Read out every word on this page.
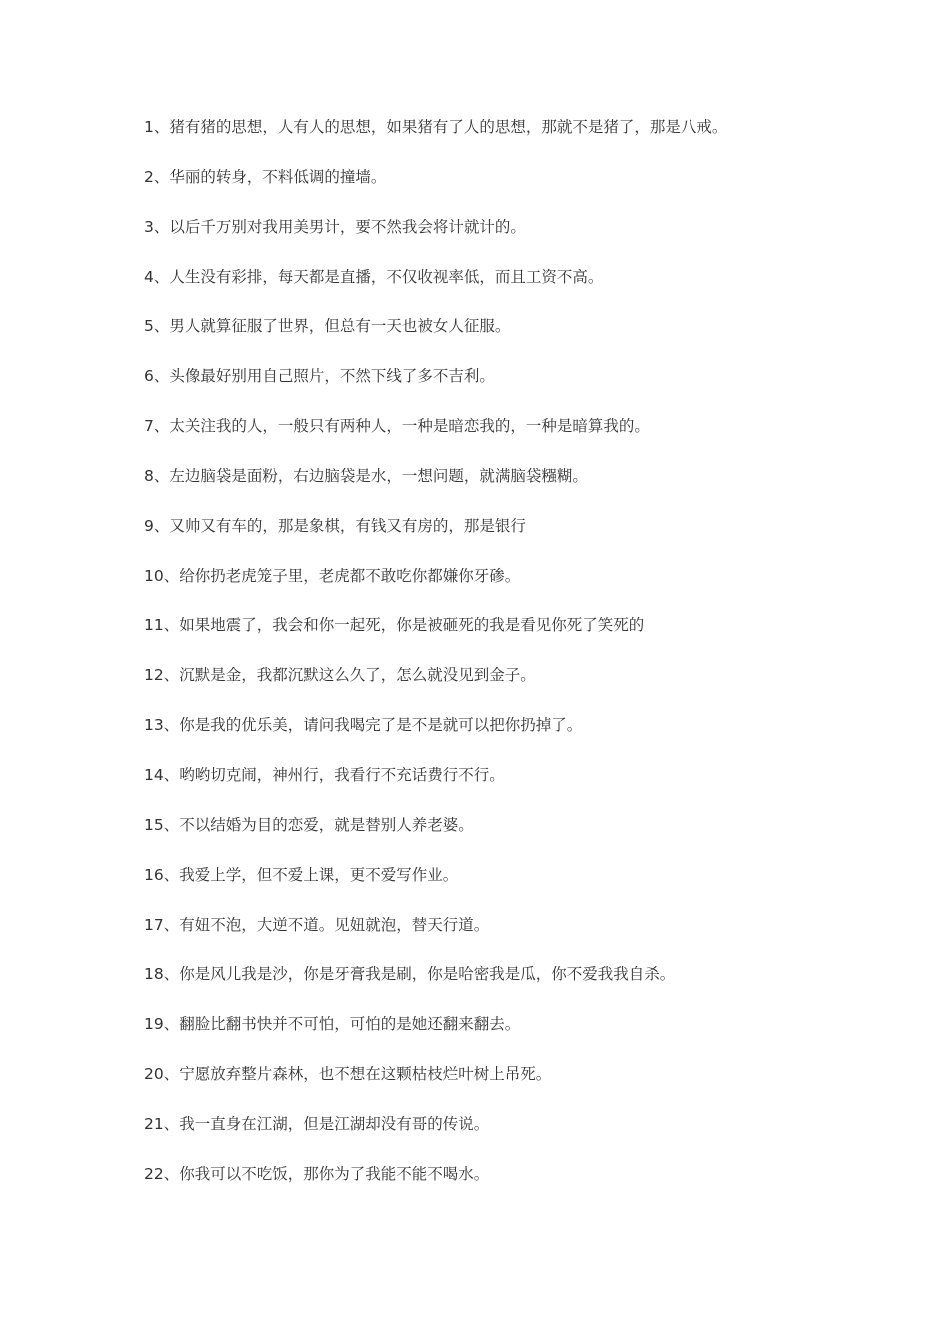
1、猪有猪的思想，人有人的思想，如果猪有了人的思想，那就不是猪了，那是八戒。
2、华丽的转身，不料低调的撞墙。
3、以后千万别对我用美男计，要不然我会将计就计的。
4、人生没有彩排，每天都是直播，不仅收视率低，而且工资不高。
5、男人就算征服了世界，但总有一天也被女人征服。
6、头像最好别用自己照片，不然下线了多不吉利。
7、太关注我的人，一般只有两种人，一种是暗恋我的，一种是暗算我的。
8、左边脑袋是面粉，右边脑袋是水，一想问题，就满脑袋糨糊。
9、又帅又有车的，那是象棋，有钱又有房的，那是银行
10、给你扔老虎笼子里，老虎都不敢吃你都嫌你牙碜。
11、如果地震了，我会和你一起死，你是被砸死的我是看见你死了笑死的
12、沉默是金，我都沉默这么久了，怎么就没见到金子。
13、你是我的优乐美，请问我喝完了是不是就可以把你扔掉了。
14、哟哟切克闹，神州行，我看行不充话费行不行。
15、不以结婚为目的恋爱，就是替别人养老婆。
16、我爱上学，但不爱上课，更不爱写作业。
17、有妞不泡，大逆不道。见妞就泡，替天行道。
18、你是风儿我是沙，你是牙膏我是刷，你是哈密我是瓜，你不爱我我自杀。
19、翻脸比翻书快并不可怕，可怕的是她还翻来翻去。
20、宁愿放弃整片森林，也不想在这颗枯枝烂叶树上吊死。
21、我一直身在江湖，但是江湖却没有哥的传说。
22、你我可以不吃饭，那你为了我能不能不喝水。
